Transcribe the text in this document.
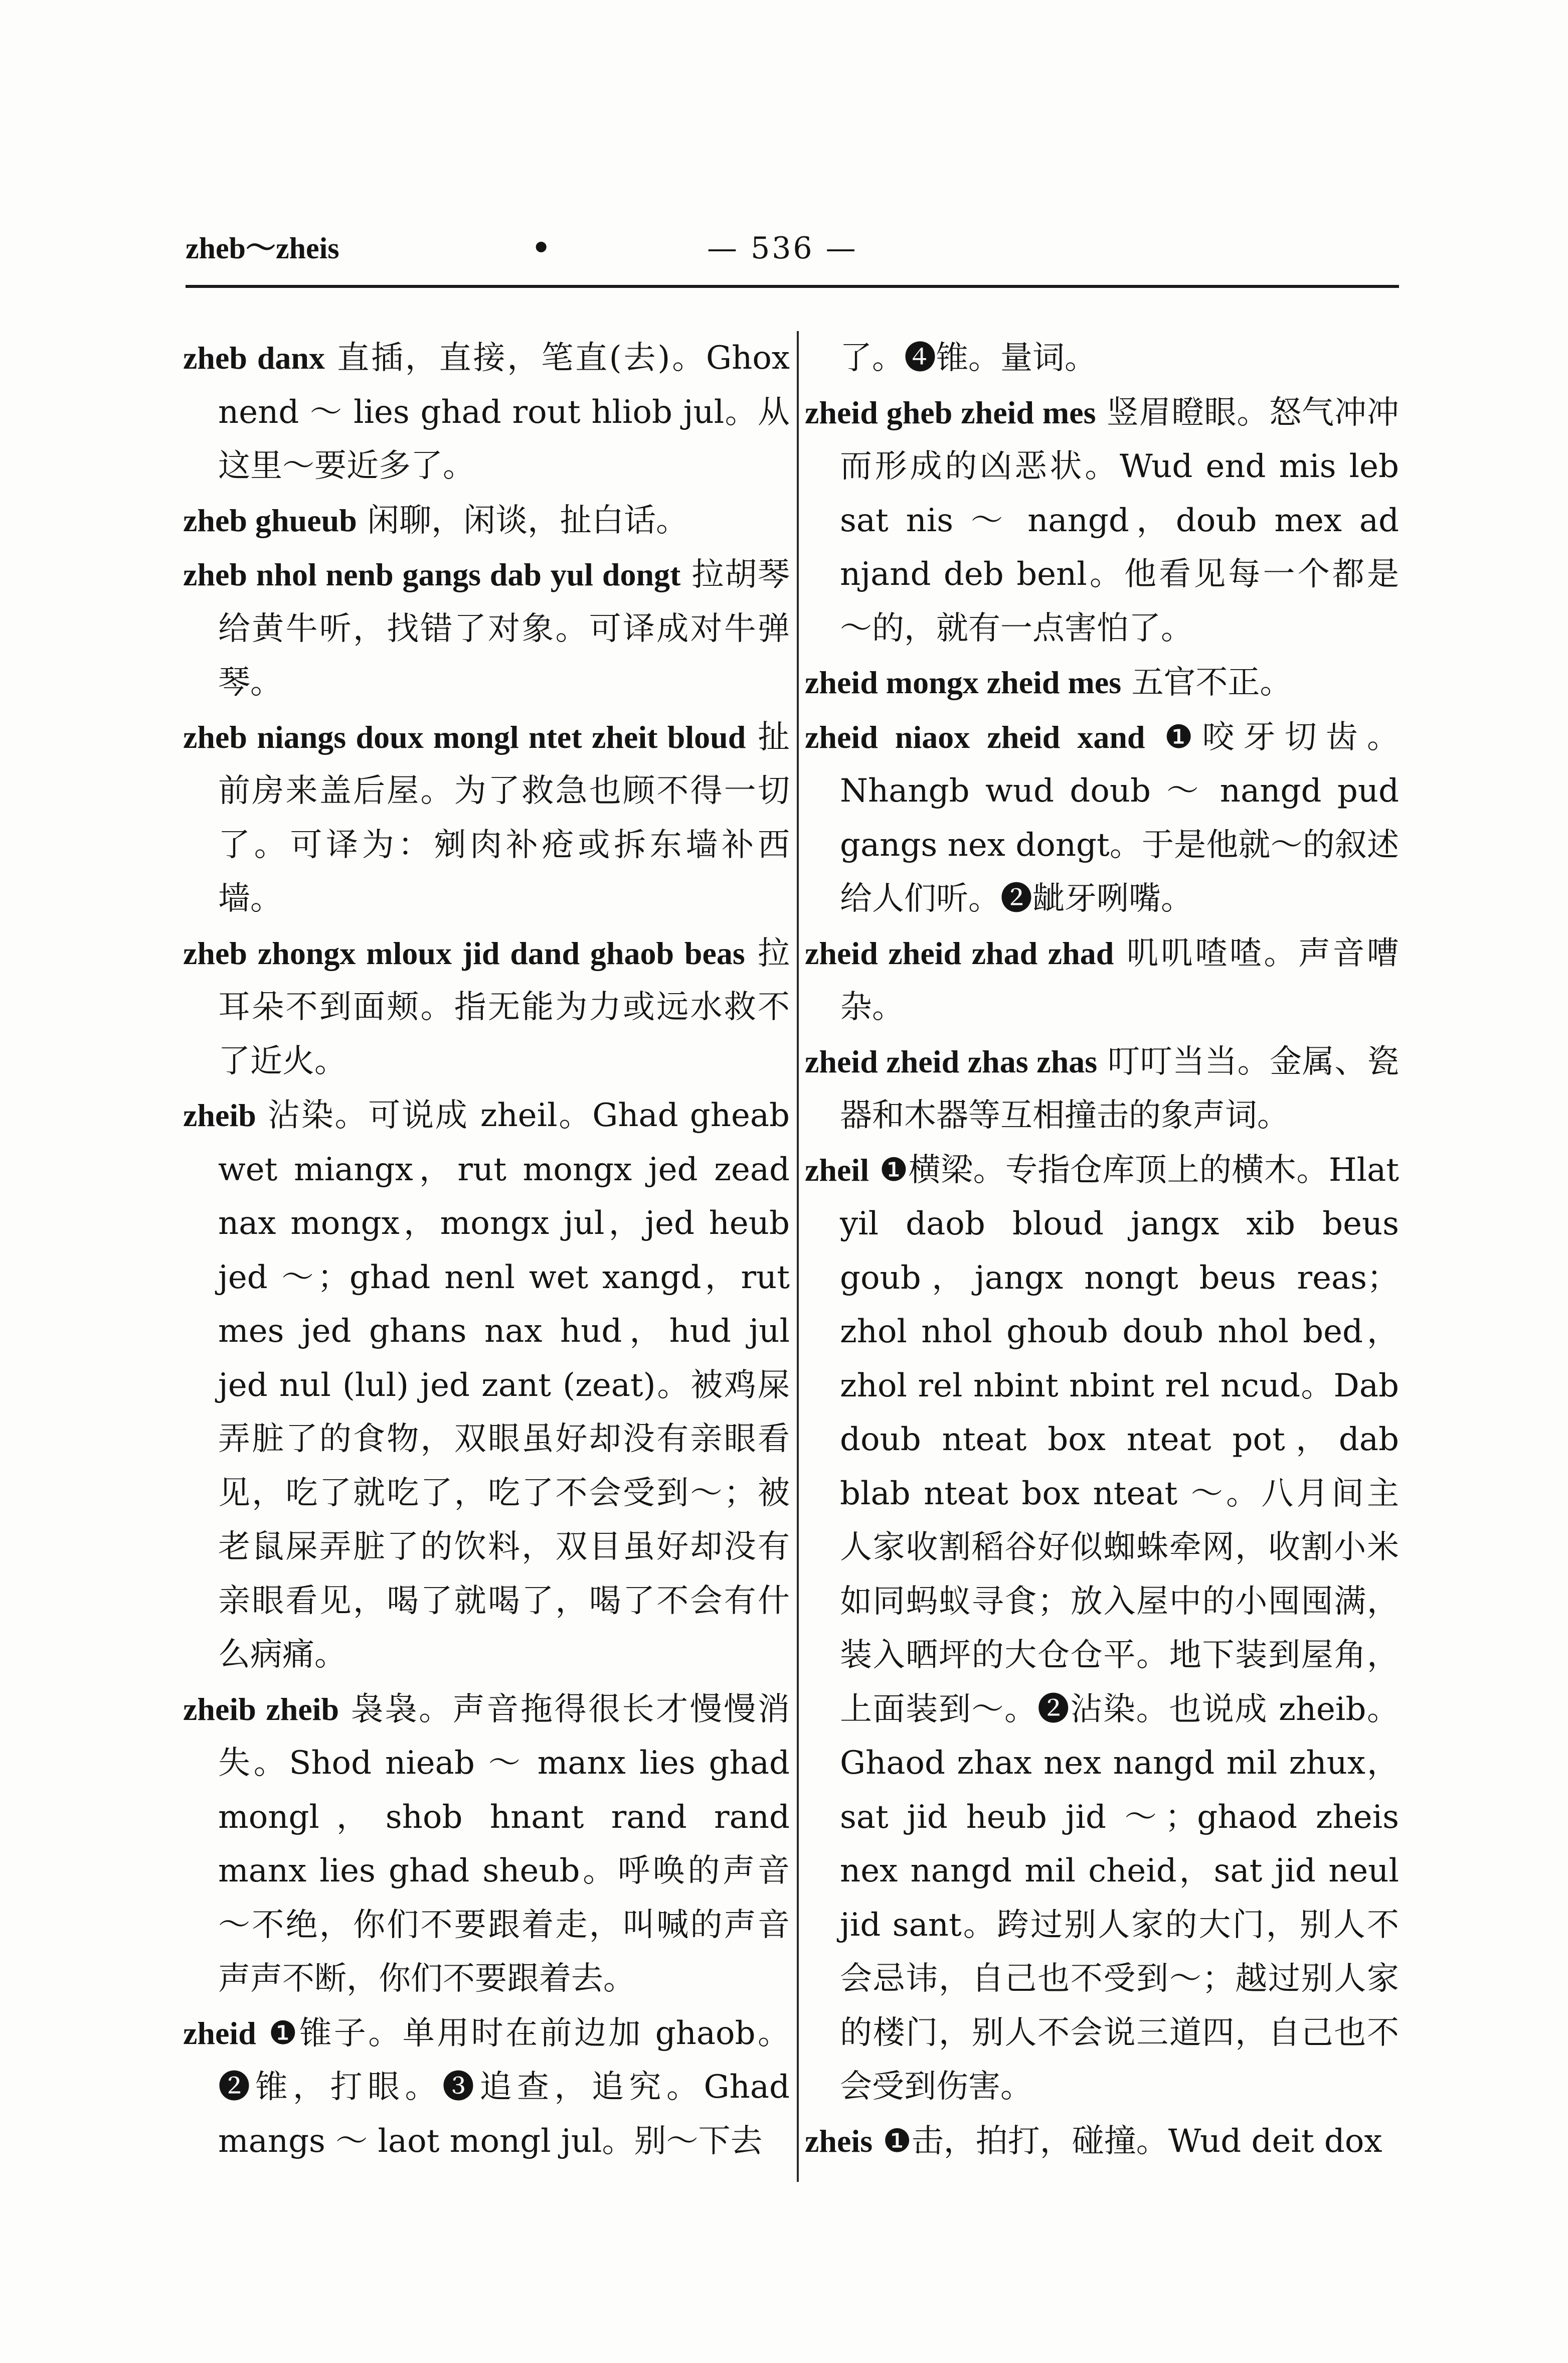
zheb～zheis	•	— 536 —

zheb danx 直插，直接，笔直(去)。Ghox nend ～ lies ghad rout hliob jul。从这里～要近多了。

zheb ghueub 闲聊，闲谈，扯白话。

zheb nhol nenb gangs dab yul dongt 拉胡琴给黄牛听，找错了对象。可译成对牛弹琴。

zheb niangs doux mongl ntet zheit bloud 扯前房来盖后屋。为了救急也顾不得一切了。可译为：剜肉补疮或拆东墙补西墙。

zheb zhongx mloux jid dand ghaob beas 拉耳朵不到面颊。指无能为力或远水救不了近火。

zheib 沾染。可说成 zheil。Ghad gheab wet miangx，rut mongx jed zead nax mongx，mongx jul，jed heub jed ～；ghad nenl wet xangd，rut mes jed ghans nax hud，hud jul jed nul (lul) jed zant (zeat)。被鸡屎弄脏了的食物，双眼虽好却没有亲眼看见，吃了就吃了，吃了不会受到～；被老鼠屎弄脏了的饮料，双目虽好却没有亲眼看见，喝了就喝了，喝了不会有什么病痛。

zheib zheib 袅袅。声音拖得很长才慢慢消失。Shod nieab ～ manx lies ghad mongl，shob hnant rand rand manx lies ghad sheub。呼唤的声音～不绝，你们不要跟着走，叫喊的声音声声不断，你们不要跟着去。

zheid ❶锥子。单用时在前边加 ghaob。❷锥，打眼。❸追查，追究。Ghad mangs ～ laot mongl jul。别～下去

了。❹锥。量词。

zheid gheb zheid mes 竖眉瞪眼。怒气冲冲而形成的凶恶状。Wud end mis leb sat nis ～ nangd，doub mex ad njand deb benl。他看见每一个都是～的，就有一点害怕了。

zheid mongx zheid mes 五官不正。

zheid niaox zheid xand ❶咬牙切齿。Nhangb wud doub ～ nangd pud gangs nex dongt。于是他就～的叙述给人们听。❷龇牙咧嘴。

zheid zheid zhad zhad 叽叽喳喳。声音嘈杂。

zheid zheid zhas zhas 叮叮当当。金属、瓷器和木器等互相撞击的象声词。

zheil ❶横梁。专指仓库顶上的横木。Hlat yil daob bloud jangx xib beus goub，jangx nongt beus reas；zhol nhol ghoub doub nhol bed，zhol rel nbint nbint rel ncud。Dab doub nteat box nteat pot，dab blab nteat box nteat ～。八月间主人家收割稻谷好似蜘蛛牵网，收割小米如同蚂蚁寻食；放入屋中的小囤囤满，装入晒坪的大仓仓平。地下装到屋角，上面装到～。❷沾染。也说成 zheib。Ghaod zhax nex nangd mil zhux，sat jid heub jid ～；ghaod zheis nex nangd mil cheid，sat jid neul jid sant。跨过别人家的大门，别人不会忌讳，自己也不受到～；越过别人家的楼门，别人不会说三道四，自己也不会受到伤害。

zheis ❶击，拍打，碰撞。Wud deit dox
